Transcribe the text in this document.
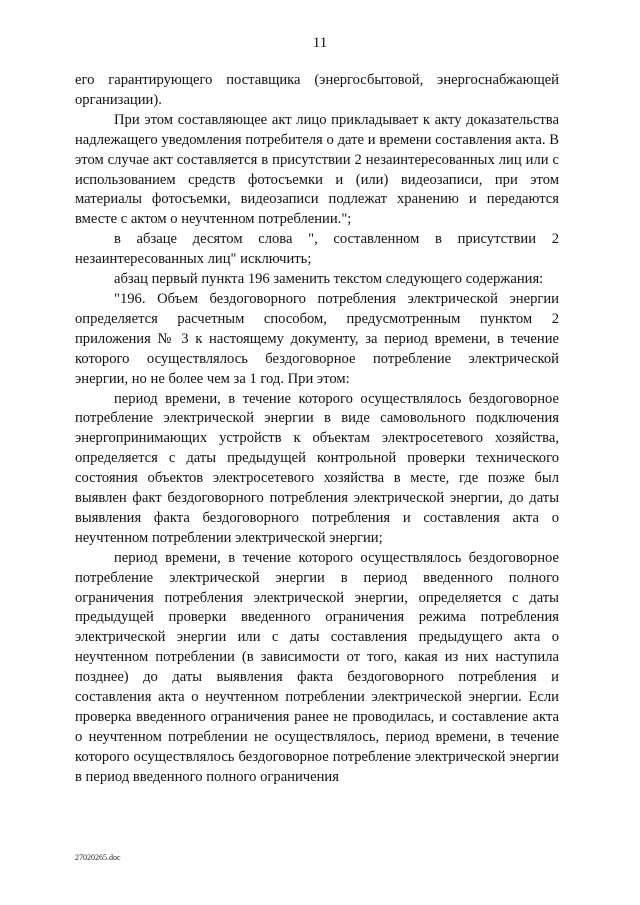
11

его гарантирующего поставщика (энергосбытовой, энергоснабжающей организации).

При этом составляющее акт лицо прикладывает к акту доказательства надлежащего уведомления потребителя о дате и времени составления акта. В этом случае акт составляется в присутствии 2 незаинтересованных лиц или с использованием средств фотосъемки и (или) видеозаписи, при этом материалы фотосъемки, видеозаписи подлежат хранению и передаются вместе с актом о неучтенном потреблении.";

в абзаце десятом слова ", составленном в присутствии 2 незаинтересованных лиц" исключить;

абзац первый пункта 196 заменить текстом следующего содержания:

"196. Объем бездоговорного потребления электрической энергии определяется расчетным способом, предусмотренным пунктом 2 приложения № 3 к настоящему документу, за период времени, в течение которого осуществлялось бездоговорное потребление электрической энергии, но не более чем за 1 год. При этом:

период времени, в течение которого осуществлялось бездоговорное потребление электрической энергии в виде самовольного подключения энергопринимающих устройств к объектам электросетевого хозяйства, определяется с даты предыдущей контрольной проверки технического состояния объектов электросетевого хозяйства в месте, где позже был выявлен факт бездоговорного потребления электрической энергии, до даты выявления факта бездоговорного потребления и составления акта о неучтенном потреблении электрической энергии;

период времени, в течение которого осуществлялось бездоговорное потребление электрической энергии в период введенного полного ограничения потребления электрической энергии, определяется с даты предыдущей проверки введенного ограничения режима потребления электрической энергии или с даты составления предыдущего акта о неучтенном потреблении (в зависимости от того, какая из них наступила позднее) до даты выявления факта бездоговорного потребления и составления акта о неучтенном потреблении электрической энергии. Если проверка введенного ограничения ранее не проводилась, и составление акта о неучтенном потреблении не осуществлялось, период времени, в течение которого осуществлялось бездоговорное потребление электрической энергии в период введенного полного ограничения

27020265.doc
